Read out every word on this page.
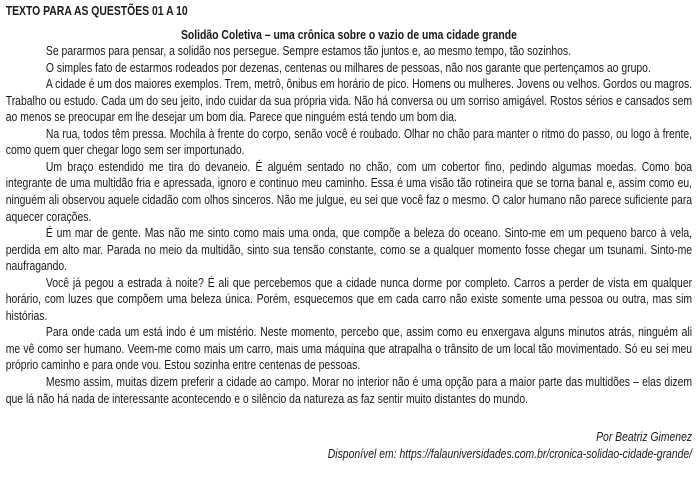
TEXTO PARA AS QUESTÕES 01 A 10
Solidão Coletiva – uma crônica sobre o vazio de uma cidade grande

Se pararmos para pensar, a solidão nos persegue. Sempre estamos tão juntos e, ao mesmo tempo, tão sozinhos.

O simples fato de estarmos rodeados por dezenas, centenas ou milhares de pessoas, não nos garante que pertençamos ao grupo.

A cidade é um dos maiores exemplos. Trem, metrô, ônibus em horário de pico. Homens ou mulheres. Jovens ou velhos. Gordos ou magros. Trabalho ou estudo. Cada um do seu jeito, indo cuidar da sua própria vida. Não há conversa ou um sorriso amigável. Rostos sérios e cansados sem ao menos se preocupar em lhe desejar um bom dia. Parece que ninguém está tendo um bom dia.

Na rua, todos têm pressa. Mochila à frente do corpo, senão você é roubado. Olhar no chão para manter o ritmo do passo, ou logo à frente, como quem quer chegar logo sem ser importunado.

Um braço estendido me tira do devaneio. É alguém sentado no chão, com um cobertor fino, pedindo algumas moedas. Como boa integrante de uma multidão fria e apressada, ignoro e continuo meu caminho. Essa é uma visão tão rotineira que se torna banal e, assim como eu, ninguém ali observou aquele cidadão com olhos sinceros. Não me julgue, eu sei que você faz o mesmo. O calor humano não parece suficiente para aquecer corações.

É um mar de gente. Mas não me sinto como mais uma onda, que compõe a beleza do oceano. Sinto-me em um pequeno barco à vela, perdida em alto mar. Parada no meio da multidão, sinto sua tensão constante, como se a qualquer momento fosse chegar um tsunami. Sinto-me naufragando.

Você já pegou a estrada à noite? É ali que percebemos que a cidade nunca dorme por completo. Carros a perder de vista em qualquer horário, com luzes que compõem uma beleza única. Porém, esquecemos que em cada carro não existe somente uma pessoa ou outra, mas sim histórias.

Para onde cada um está indo é um mistério. Neste momento, percebo que, assim como eu enxergava alguns minutos atrás, ninguém ali me vê como ser humano. Veem-me como mais um carro, mais uma máquina que atrapalha o trânsito de um local tão movimentado. Só eu sei meu próprio caminho e para onde vou. Estou sozinha entre centenas de pessoas.

Mesmo assim, muitas dizem preferir a cidade ao campo. Morar no interior não é uma opção para a maior parte das multidões – elas dizem que lá não há nada de interessante acontecendo e o silêncio da natureza as faz sentir muito distantes do mundo.

Por Beatriz Gimenez
Disponível em: https://falauniversidades.com.br/cronica-solidao-cidade-grande/
